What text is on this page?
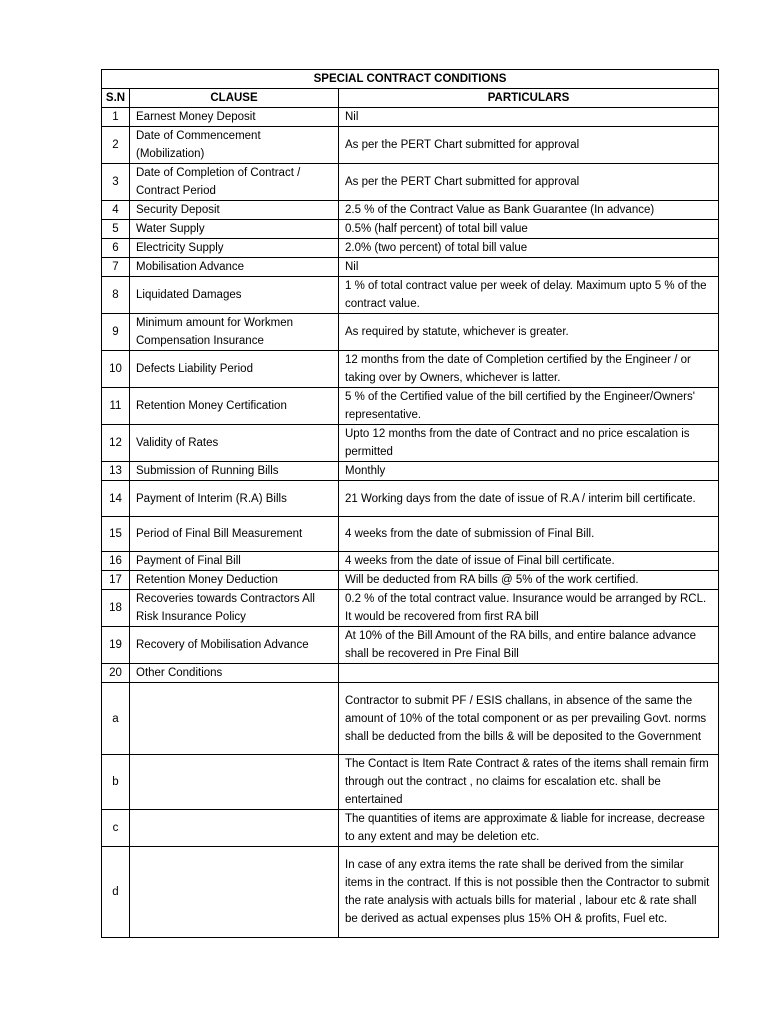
SPECIAL CONTRACT CONDITIONS		
S.N	CLAUSE	PARTICULARS
1	Earnest Money Deposit	Nil
2	Date of Commencement (Mobilization)	As per the PERT Chart submitted for approval
3	Date of Completion of Contract / Contract Period	As per the PERT Chart submitted for approval
4	Security Deposit	2.5 % of the Contract Value as Bank Guarantee (In advance)
5	Water Supply	0.5% (half percent) of total bill value
6	Electricity Supply	2.0% (two percent) of total bill value
7	Mobilisation Advance	Nil
8	Liquidated Damages	1 % of total contract value per week of delay. Maximum upto 5 % of the contract value.
9	Minimum amount for Workmen Compensation Insurance	As required by statute, whichever is greater.
10	Defects Liability Period	12 months from the date of Completion certified by the Engineer / or taking over by Owners, whichever is latter.
11	Retention Money Certification	5 % of the Certified value of the bill certified by the Engineer/Owners' representative.
12	Validity of Rates	Upto 12 months from the date of Contract and no price escalation is permitted
13	Submission of Running Bills	Monthly
14	Payment of Interim (R.A) Bills	21 Working days from the date of issue of R.A / interim bill certificate.
15	Period of Final Bill Measurement	4 weeks from the date of submission of Final Bill.
16	Payment of Final Bill	4 weeks from the date of issue of Final bill certificate.
17	Retention Money Deduction	Will be deducted from RA bills @ 5% of the work certified.
18	Recoveries towards Contractors All Risk Insurance Policy	0.2 % of the total contract value. Insurance would be arranged by RCL. It would be recovered from first RA bill
19	Recovery of Mobilisation Advance	At 10% of the Bill Amount of the RA bills, and entire balance advance shall be recovered in Pre Final Bill
20	Other Conditions	
a		Contractor to submit PF / ESIS challans, in absence of the same the amount of 10% of the total component or as per prevailing Govt. norms shall be deducted from the bills & will be deposited to the Government
b		The Contact is Item Rate Contract & rates of the items shall remain firm through out the contract , no claims for escalation etc. shall be entertained
c		The quantities of items are approximate & liable for increase, decrease to any extent and may be deletion etc.
d		In case of any extra items the rate shall be derived from the similar items in the contract. If this is not possible then the Contractor to submit the rate analysis with actuals bills for material , labour etc & rate shall be derived as actual expenses plus 15% OH & profits, Fuel etc.
